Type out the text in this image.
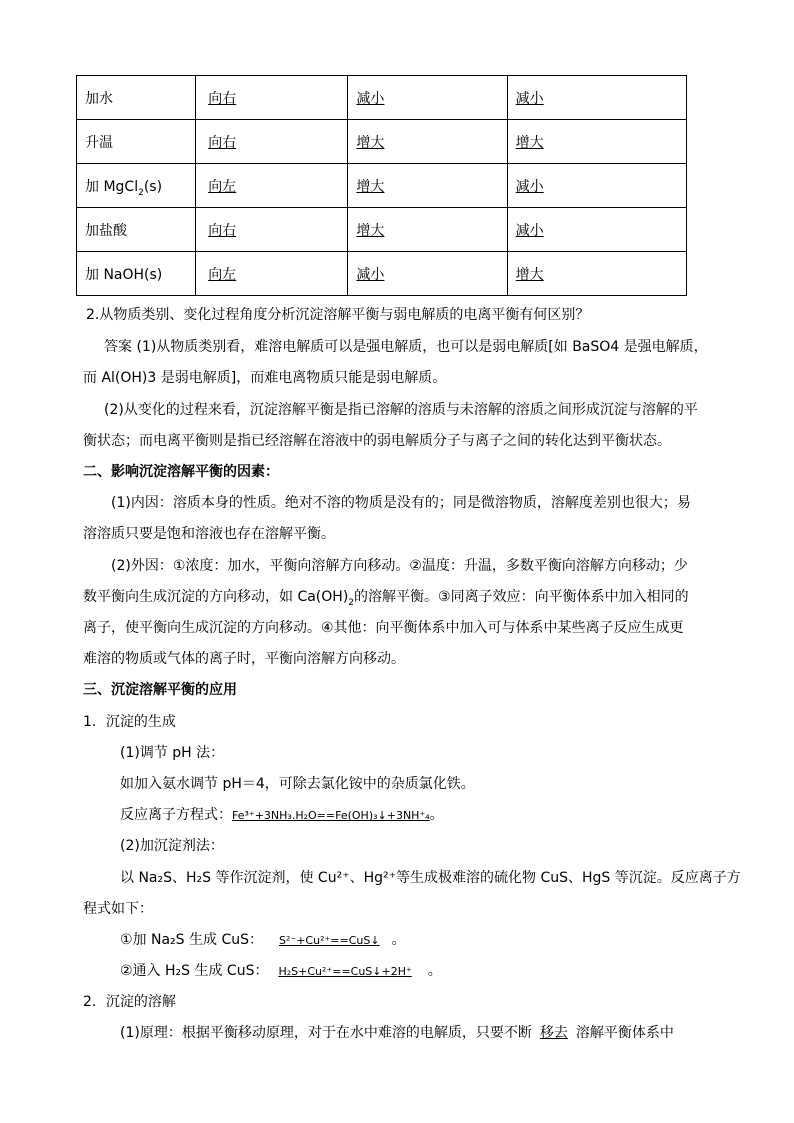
加水	向右	减小	减小
升温	向右	增大	增大
加 MgCl$_2$(s)	向左	增大	减小
加盐酸	向右	增大	减小
加 NaOH(s)	向左	减小	增大
2.从物质类别、变化过程角度分析沉淀溶解平衡与弱电解质的电离平衡有何区别？
答案 (1)从物质类别看，难溶电解质可以是强电解质，也可以是弱电解质[如 BaSO4 是强电解质，
而 Al(OH)3 是弱电解质]，而难电离物质只能是弱电解质。
(2)从变化的过程来看，沉淀溶解平衡是指已溶解的溶质与未溶解的溶质之间形成沉淀与溶解的平
衡状态；而电离平衡则是指已经溶解在溶液中的弱电解质分子与离子之间的转化达到平衡状态。
二、影响沉淀溶解平衡的因素：
(1)内因：溶质本身的性质。绝对不溶的物质是没有的；同是微溶物质，溶解度差别也很大；易
溶溶质只要是饱和溶液也存在溶解平衡。
(2)外因：①浓度：加水，平衡向溶解方向移动。②温度：升温，多数平衡向溶解方向移动；少
数平衡向生成沉淀的方向移动，如 $Ca(OH)_2$的溶解平衡。③同离子效应：向平衡体系中加入相同的
离子，使平衡向生成沉淀的方向移动。④其他：向平衡体系中加入可与体系中某些离子反应生成更
难溶的物质或气体的离子时，平衡向溶解方向移动。
三、沉淀溶解平衡的应用
1．沉淀的生成
(1)调节 pH 法：
如加入氨水调节 pH＝4，可除去氯化铵中的杂质氯化铁。
反应离子方程式：Fe³⁺+3NH₃.H₂O==Fe(OH)₃↓+3NH⁺₄。
(2)加沉淀剂法：
以 Na₂S、H₂S 等作沉淀剂，使 Cu²⁺、Hg²⁺等生成极难溶的硫化物 CuS、HgS 等沉淀。反应离子方
程式如下：
①加 Na₂S 生成 CuS： S²⁻+Cu²⁺==CuS↓ 。
②通入 H₂S 生成 CuS： H₂S+Cu²⁺==CuS↓+2H⁺ 。
2．沉淀的溶解
(1)原理：根据平衡移动原理，对于在水中难溶的电解质，只要不断 移去 溶解平衡体系中
